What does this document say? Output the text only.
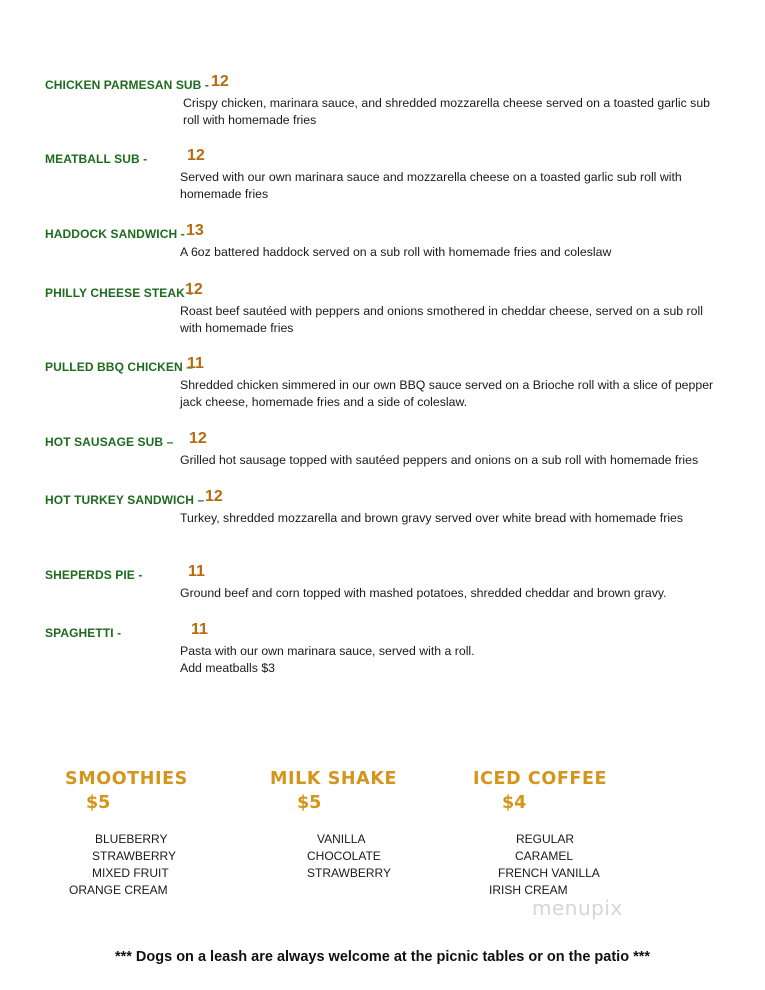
CHICKEN PARMESAN SUB - 12
Crispy chicken, marinara sauce, and shredded mozzarella cheese served on a toasted garlic sub roll with homemade fries
MEATBALL SUB - 12
Served with our own marinara sauce and mozzarella cheese on a toasted garlic sub roll with homemade fries
HADDOCK SANDWICH - 13
A 6oz battered haddock served on a sub roll with homemade fries and coleslaw
PHILLY CHEESE STEAK -
12
Roast beef sautéed with peppers and onions smothered in cheddar cheese, served on a sub roll with homemade fries
PULLED BBQ CHICKEN –
11
Shredded chicken simmered in our own BBQ sauce served on a Brioche roll with a slice of pepper jack cheese, homemade fries and a side of coleslaw.
HOT SAUSAGE SUB – 12
Grilled hot sausage topped with sautéed peppers and onions on a sub roll with homemade fries
HOT TURKEY SANDWICH – 12
Turkey, shredded mozzarella and brown gravy served over white bread with homemade fries
SHEPERDS PIE -	11
Ground beef and corn topped with mashed potatoes, shredded cheddar and brown gravy.
SPAGHETTI -	11
Pasta with our own marinara sauce, served with a roll.
Add meatballs $3
SMOOTHIES
$5
BLUEBERRY
STRAWBERRY
MIXED FRUIT
ORANGE CREAM
MILK SHAKE
$5
VANILLA
CHOCOLATE
STRAWBERRY
ICED COFFEE
$4
REGULAR
CARAMEL
FRENCH VANILLA
IRISH CREAM
menupix
*** Dogs on a leash are always welcome at the picnic tables or on the patio ***
